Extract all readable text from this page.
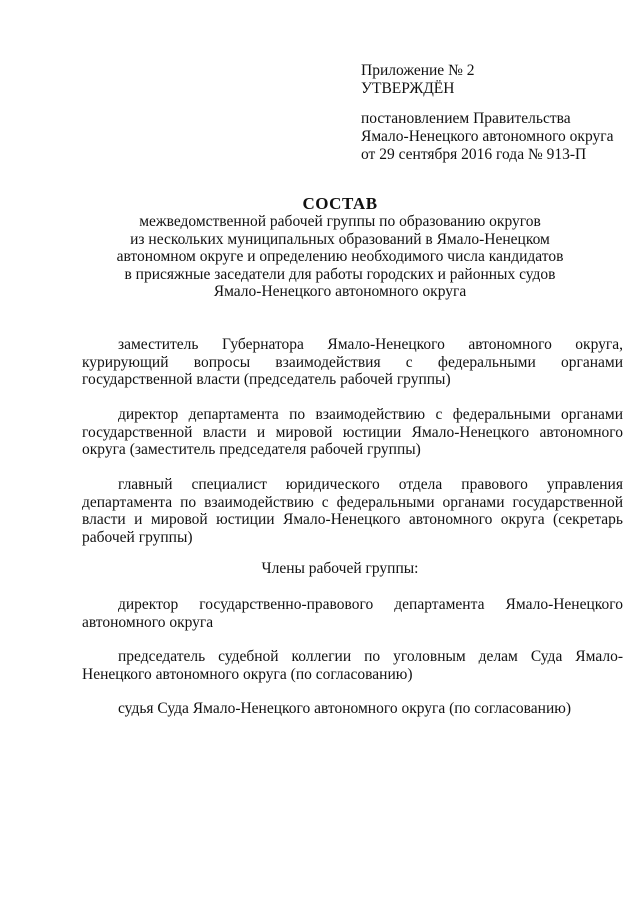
Приложение № 2
УТВЕРЖДЁН
постановлением Правительства
Ямало-Ненецкого автономного округа
от 29 сентября 2016 года № 913-П
СОСТАВ
межведомственной рабочей группы по образованию округов
из нескольких муниципальных образований в Ямало-Ненецком
автономном округе и определению необходимого числа кандидатов
в присяжные заседатели для работы городских и районных судов
Ямало-Ненецкого автономного округа
заместитель Губернатора Ямало-Ненецкого автономного округа, курирующий вопросы взаимодействия с федеральными органами государственной власти (председатель рабочей группы)
директор департамента по взаимодействию с федеральными органами государственной власти и мировой юстиции Ямало-Ненецкого автономного округа (заместитель председателя рабочей группы)
главный специалист юридического отдела правового управления департамента по взаимодействию с федеральными органами государственной власти и мировой юстиции Ямало-Ненецкого автономного округа (секретарь рабочей группы)
Члены рабочей группы:
директор государственно-правового департамента Ямало-Ненецкого автономного округа
председатель судебной коллегии по уголовным делам Суда Ямало-Ненецкого автономного округа (по согласованию)
судья Суда Ямало-Ненецкого автономного округа (по согласованию)
